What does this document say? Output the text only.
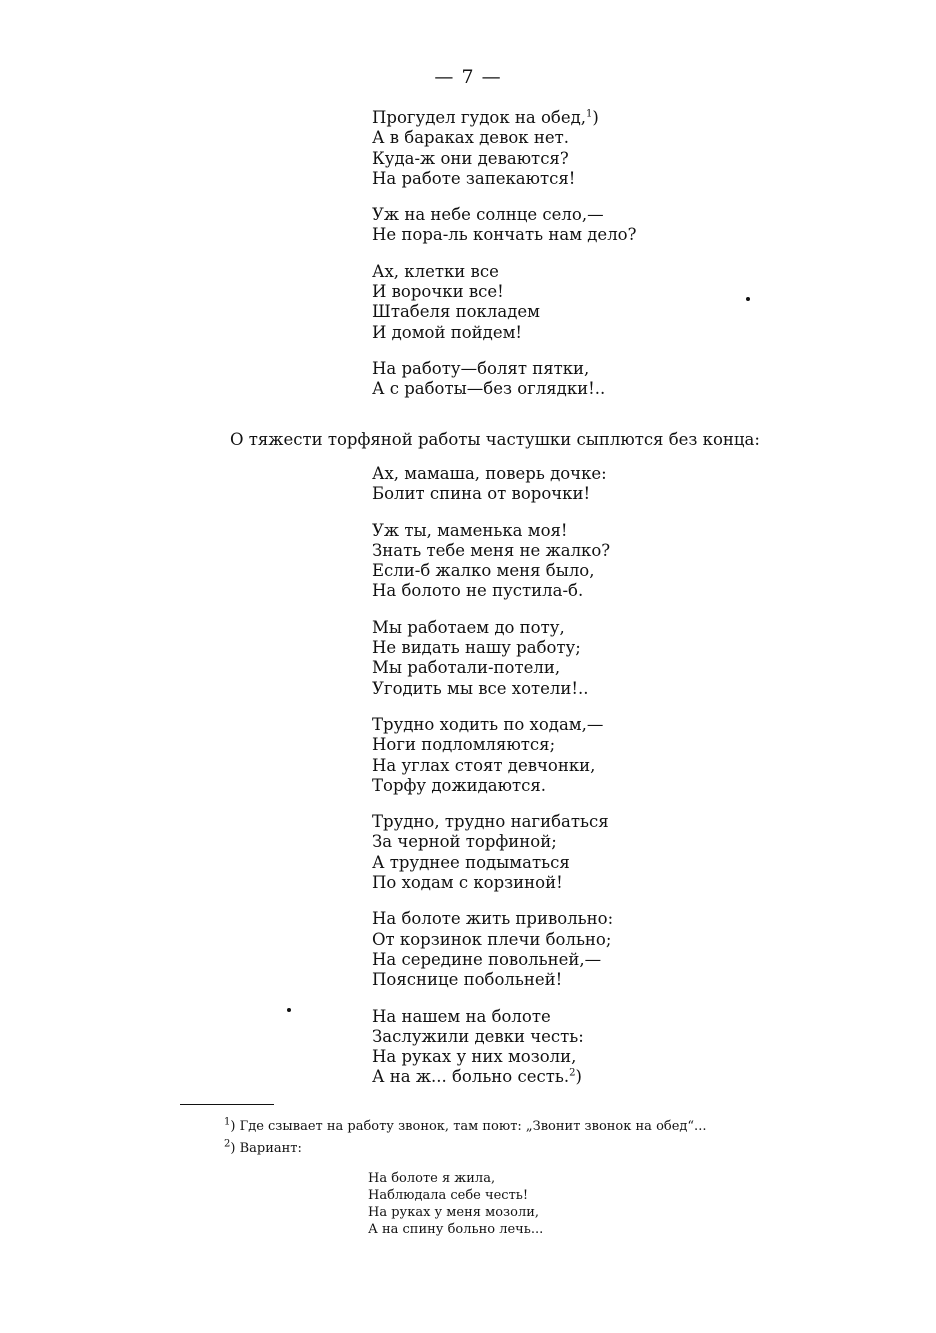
— 7 —
Прогудел гудок на обед,$^1$)
А в бараках девок нет.
Куда-ж они деваются?
На работе запекаются!
Уж на небе солнце село,—
Не пора-ль кончать нам дело?
Ах, клетки все
И ворочки все!
Штабеля покладем
И домой пойдем!
На работу—болят пятки,
А с работы—без оглядки!..
О тяжести торфяной работы частушки сыплются без конца:
Ах, мамаша, поверь дочке:
Болит спина от ворочки!
Уж ты, маменька моя!
Знать тебе меня не жалко?
Если-б жалко меня было,
На болото не пустила-б.
Мы работаем до поту,
Не видать нашу работу;
Мы работали-потели,
Угодить мы все хотели!..
Трудно ходить по ходам,—
Ноги подломляются;
На углах стоят девчонки,
Торфу дожидаются.
Трудно, трудно нагибаться
За черной торфиной;
А труднее подыматься
По ходам с корзиной!
На болоте жить привольно:
От корзинок плечи больно;
На середине повольней,—
Пояснице побольней!
На нашем на болоте
Заслужили девки честь:
На руках у них мозоли,
А на ж... больно сесть.$^2$)
$^1$) Где сзывает на работу звонок, там поют: „Звонит звонок на обед“...
$^2$) Вариант:
На болоте я жила,
Наблюдала себе честь!
На руках у меня мозоли,
А на спину больно лечь...
